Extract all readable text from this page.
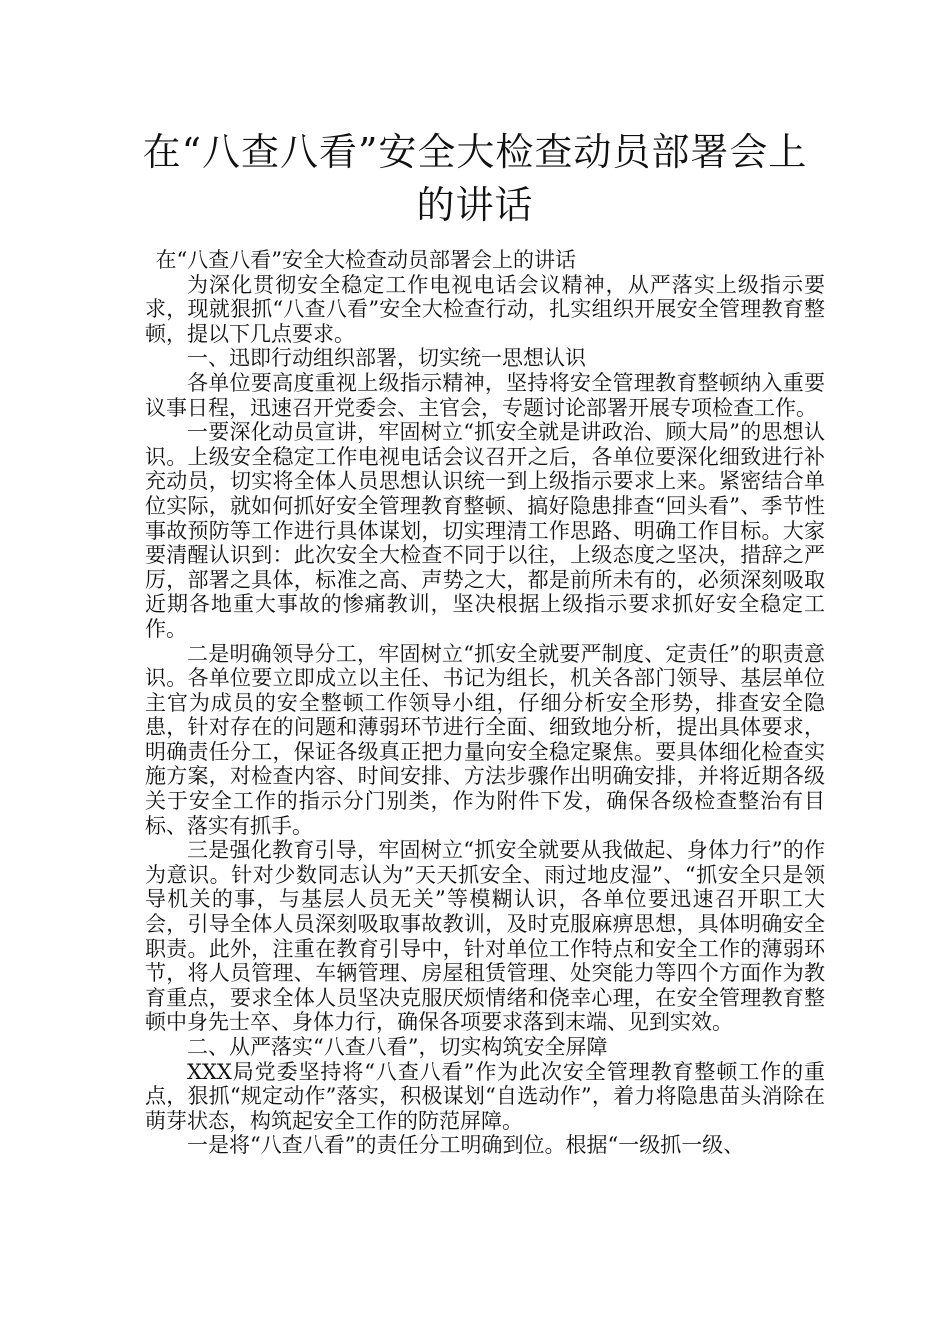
在“八查八看”安全大检查动员部署会上的讲话

在“八查八看”安全大检查动员部署会上的讲话

为深化贯彻安全稳定工作电视电话会议精神，从严落实上级指示要求，现就狠抓“八查八看”安全大检查行动，扎实组织开展安全管理教育整顿，提以下几点要求。

一、迅即行动组织部署，切实统一思想认识

各单位要高度重视上级指示精神，坚持将安全管理教育整顿纳入重要议事日程，迅速召开党委会、主官会，专题讨论部署开展专项检查工作。

一要深化动员宣讲，牢固树立“抓安全就是讲政治、顾大局”的思想认识。上级安全稳定工作电视电话会议召开之后，各单位要深化细致进行补充动员，切实将全体人员思想认识统一到上级指示要求上来。紧密结合单位实际，就如何抓好安全管理教育整顿、搞好隐患排查“回头看”、季节性事故预防等工作进行具体谋划，切实理清工作思路、明确工作目标。大家要清醒认识到：此次安全大检查不同于以往，上级态度之坚决，措辞之严厉，部署之具体，标准之高、声势之大，都是前所未有的，必须深刻吸取近期各地重大事故的惨痛教训，坚决根据上级指示要求抓好安全稳定工作。

二是明确领导分工，牢固树立“抓安全就要严制度、定责任”的职责意识。各单位要立即成立以主任、书记为组长，机关各部门领导、基层单位主官为成员的安全整顿工作领导小组，仔细分析安全形势，排查安全隐患，针对存在的问题和薄弱环节进行全面、细致地分析，提出具体要求，明确责任分工，保证各级真正把力量向安全稳定聚焦。要具体细化检查实施方案，对检查内容、时间安排、方法步骤作出明确安排，并将近期各级关于安全工作的指示分门别类，作为附件下发，确保各级检查整治有目标、落实有抓手。

三是强化教育引导，牢固树立“抓安全就要从我做起、身体力行”的作为意识。针对少数同志认为”天天抓安全、雨过地皮湿”、“抓安全只是领导机关的事，与基层人员无关”等模糊认识，各单位要迅速召开职工大会，引导全体人员深刻吸取事故教训，及时克服麻痹思想，具体明确安全职责。此外，注重在教育引导中，针对单位工作特点和安全工作的薄弱环节，将人员管理、车辆管理、房屋租赁管理、处突能力等四个方面作为教育重点，要求全体人员坚决克服厌烦情绪和侥幸心理，在安全管理教育整顿中身先士卒、身体力行，确保各项要求落到末端、见到实效。

二、从严落实“八查八看”，切实构筑安全屏障

XXX局党委坚持将“八查八看”作为此次安全管理教育整顿工作的重点，狠抓“规定动作”落实，积极谋划“自选动作”，着力将隐患苗头消除在萌芽状态，构筑起安全工作的防范屏障。

一是将“八查八看”的责任分工明确到位。根据“一级抓一级、
